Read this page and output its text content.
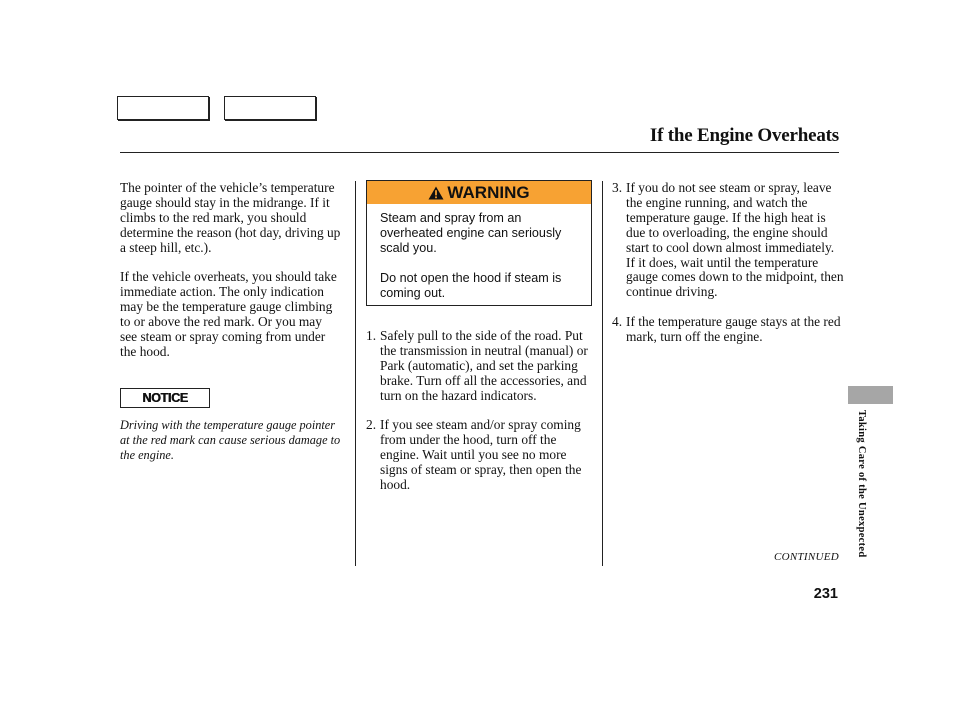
If the Engine Overheats

The pointer of the vehicle’s temperature gauge should stay in the midrange. If it climbs to the red mark, you should determine the reason (hot day, driving up a steep hill, etc.).

If the vehicle overheats, you should take immediate action. The only indication may be the temperature gauge climbing to or above the red mark. Or you may see steam or spray coming from under the hood.

NOTICE
Driving with the temperature gauge pointer at the red mark can cause serious damage to the engine.
WARNING

Steam and spray from an overheated engine can seriously scald you.

Do not open the hood if steam is coming out.

1. Safely pull to the side of the road. Put the transmission in neutral (manual) or Park (automatic), and set the parking brake. Turn off all the accessories, and turn on the hazard indicators.
2. If you see steam and/or spray coming from under the hood, turn off the engine. Wait until you see no more signs of steam or spray, then open the hood.
3. If you do not see steam or spray, leave the engine running, and watch the temperature gauge. If the high heat is due to overloading, the engine should start to cool down almost immediately. If it does, wait until the temperature gauge comes down to the midpoint, then continue driving.
4. If the temperature gauge stays at the red mark, turn off the engine.
Taking Care of the Unexpected
CONTINUED
231
